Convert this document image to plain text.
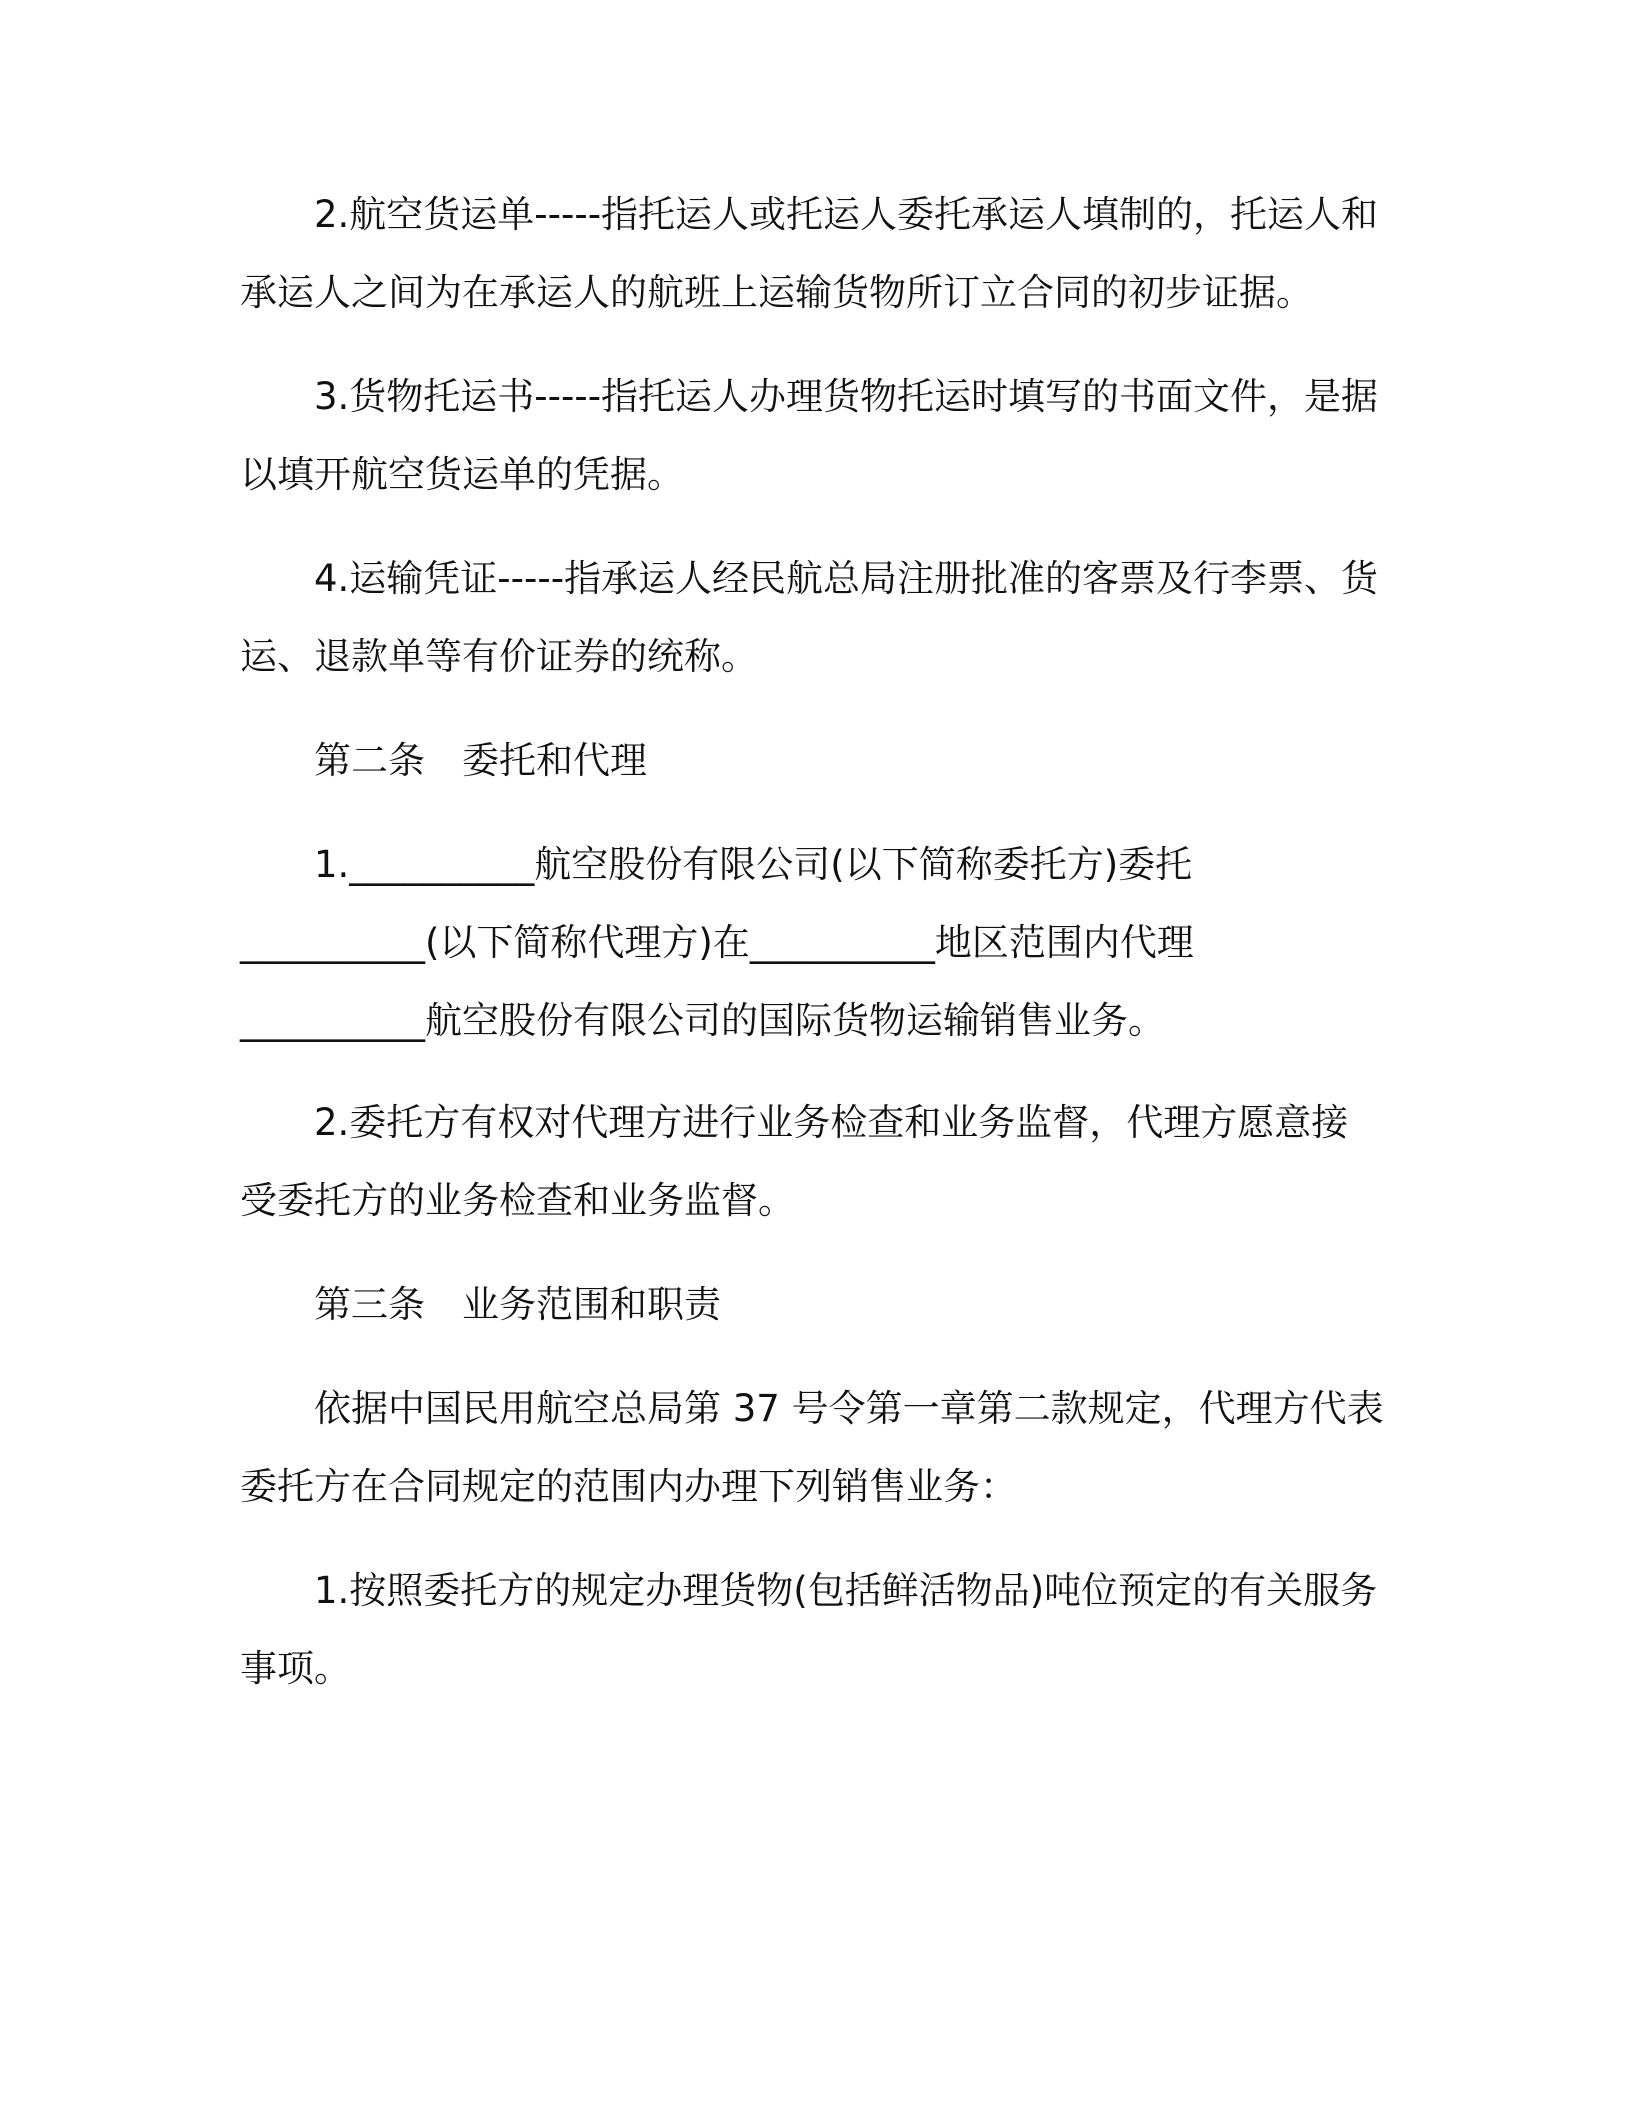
2.航空货运单-----指托运人或托运人委托承运人填制的，托运人和
承运人之间为在承运人的航班上运输货物所订立合同的初步证据。
3.货物托运书-----指托运人办理货物托运时填写的书面文件，是据
以填开航空货运单的凭据。
4.运输凭证-----指承运人经民航总局注册批准的客票及行李票、货
运、退款单等有价证券的统称。
第二条　委托和代理
1.__________航空股份有限公司(以下简称委托方)委托
__________(以下简称代理方)在__________地区范围内代理
__________航空股份有限公司的国际货物运输销售业务。
2.委托方有权对代理方进行业务检查和业务监督，代理方愿意接
受委托方的业务检查和业务监督。
第三条　业务范围和职责
依据中国民用航空总局第 37 号令第一章第二款规定，代理方代表
委托方在合同规定的范围内办理下列销售业务：
1.按照委托方的规定办理货物(包括鲜活物品)吨位预定的有关服务
事项。
